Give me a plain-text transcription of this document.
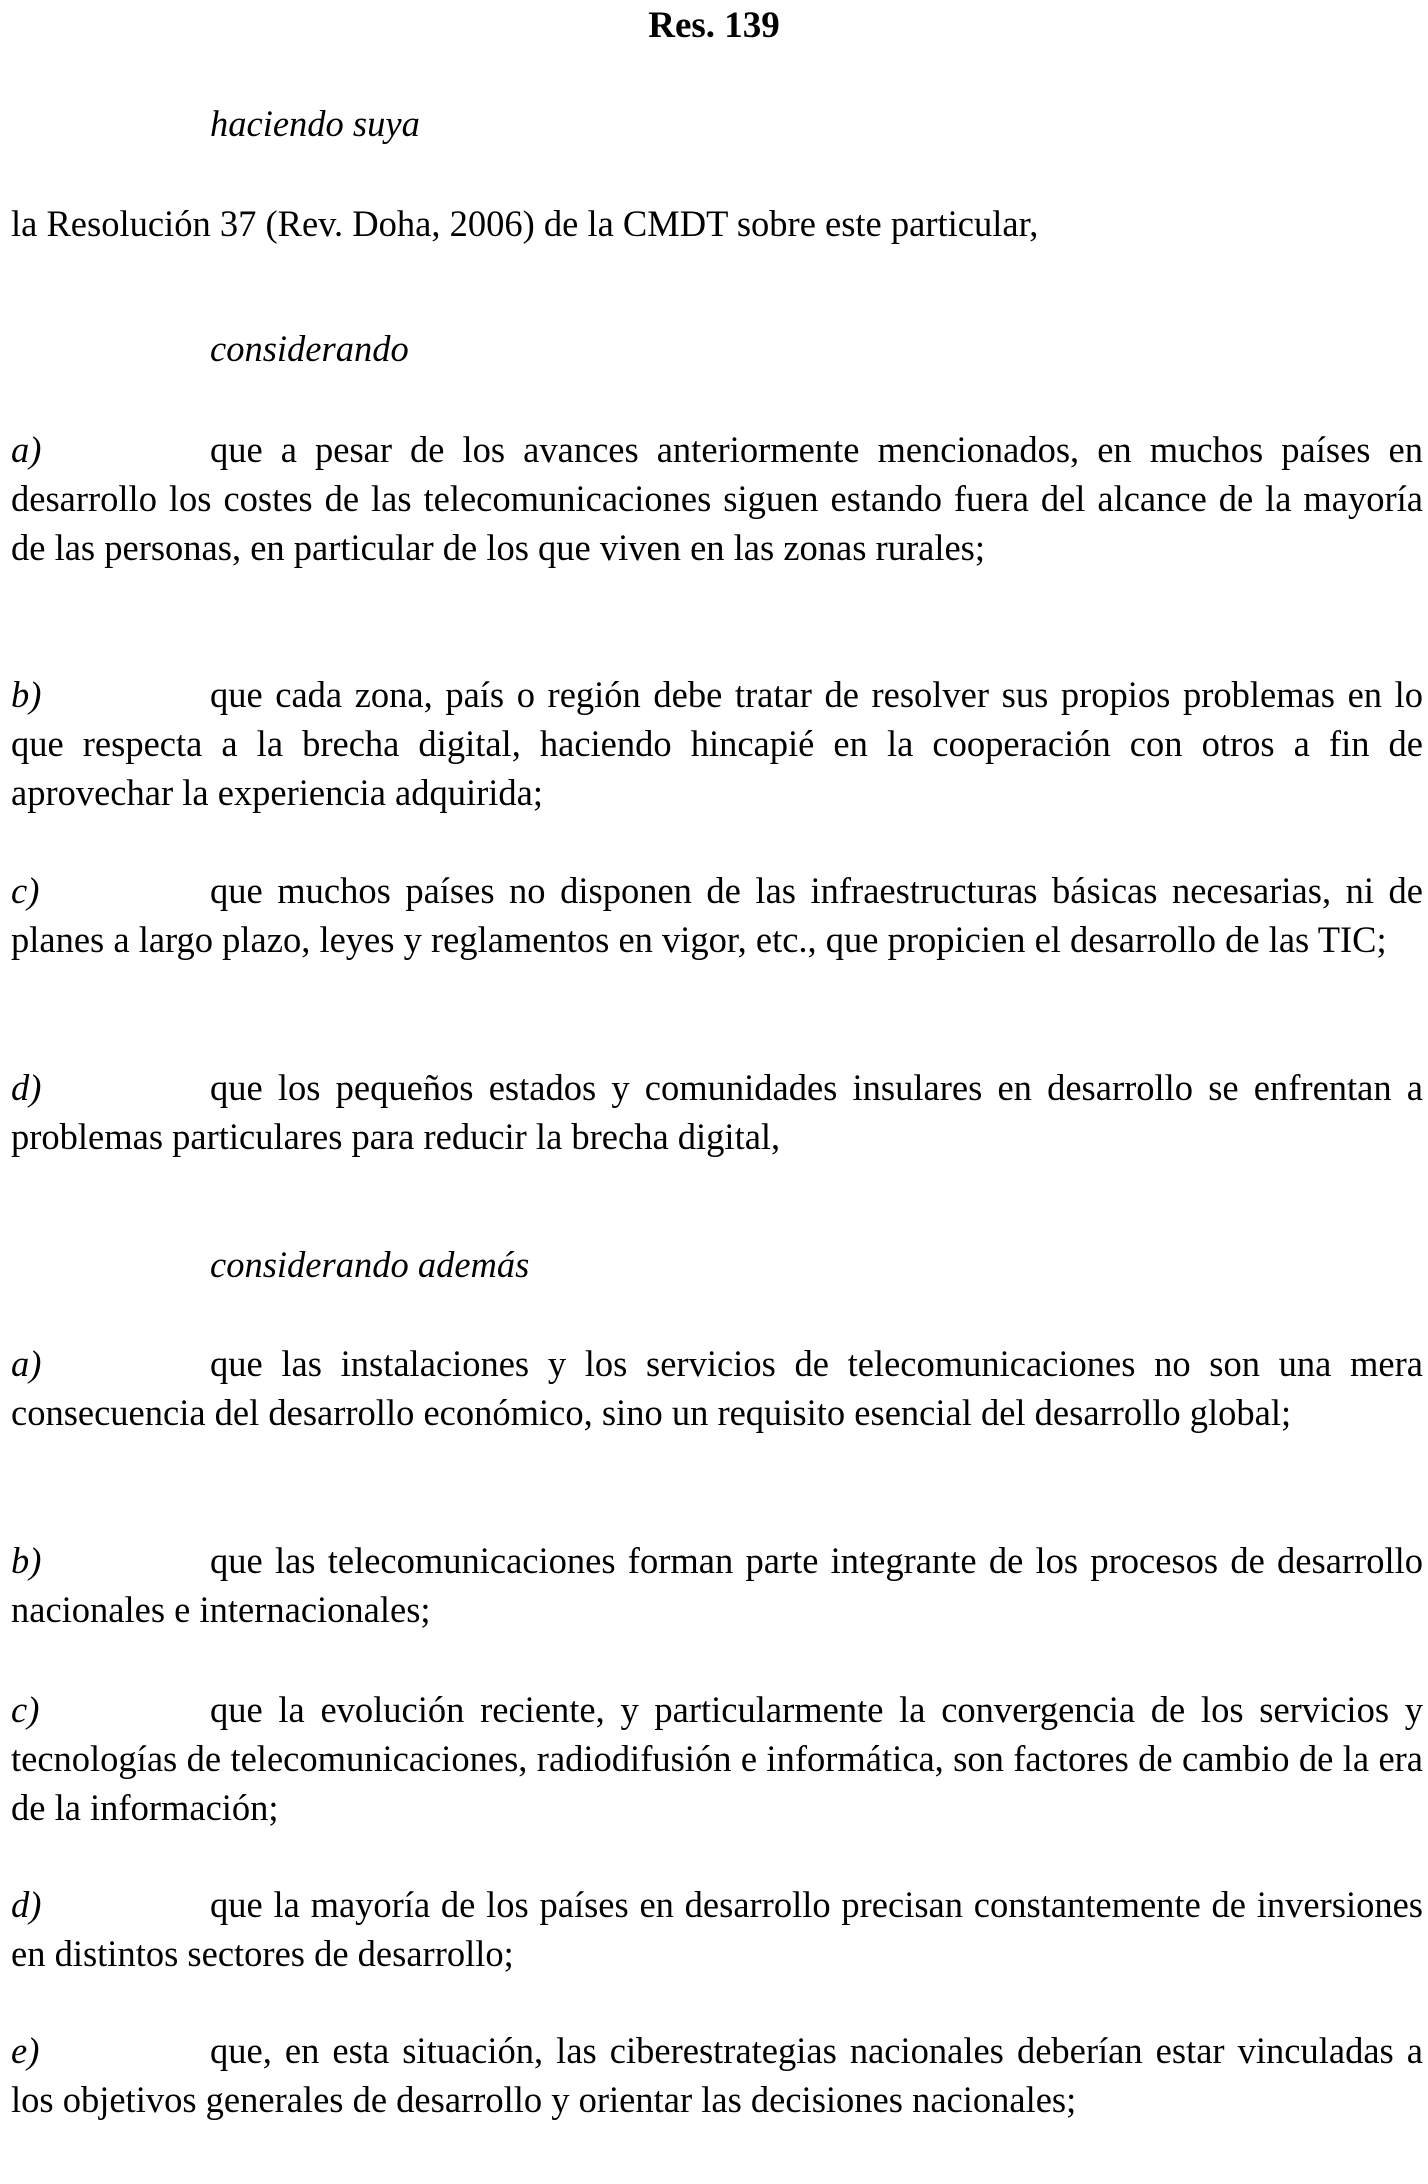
Res. 139
haciendo suya
la Resolución 37 (Rev. Doha, 2006) de la CMDT sobre este particular,
considerando
a)	que a pesar de los avances anteriormente mencionados, en muchos países en desarrollo los costes de las telecomunicaciones siguen estando fuera del alcance de la mayoría de las personas, en particular de los que viven en las zonas rurales;
b)	que cada zona, país o región debe tratar de resolver sus propios problemas en lo que respecta a la brecha digital, haciendo hincapié en la cooperación con otros a fin de aprovechar la experiencia adquirida;
c)	que muchos países no disponen de las infraestructuras básicas necesarias, ni de planes a largo plazo, leyes y reglamentos en vigor, etc., que propicien el desarrollo de las TIC;
d)	que los pequeños estados y comunidades insulares en desarrollo se enfrentan a problemas particulares para reducir la brecha digital,
considerando además
a)	que las instalaciones y los servicios de telecomunicaciones no son una mera consecuencia del desarrollo económico, sino un requisito esencial del desarrollo global;
b)	que las telecomunicaciones forman parte integrante de los procesos de desarrollo nacionales e internacionales;
c)	que la evolución reciente, y particularmente la convergencia de los servicios y tecnologías de telecomunicaciones, radiodifusión e informática, son factores de cambio de la era de la información;
d)	que la mayoría de los países en desarrollo precisan constantemente de inversiones en distintos sectores de desarrollo;
e)	que, en esta situación, las ciberestrategias nacionales deberían estar vinculadas a los objetivos generales de desarrollo y orientar las decisiones nacionales;
